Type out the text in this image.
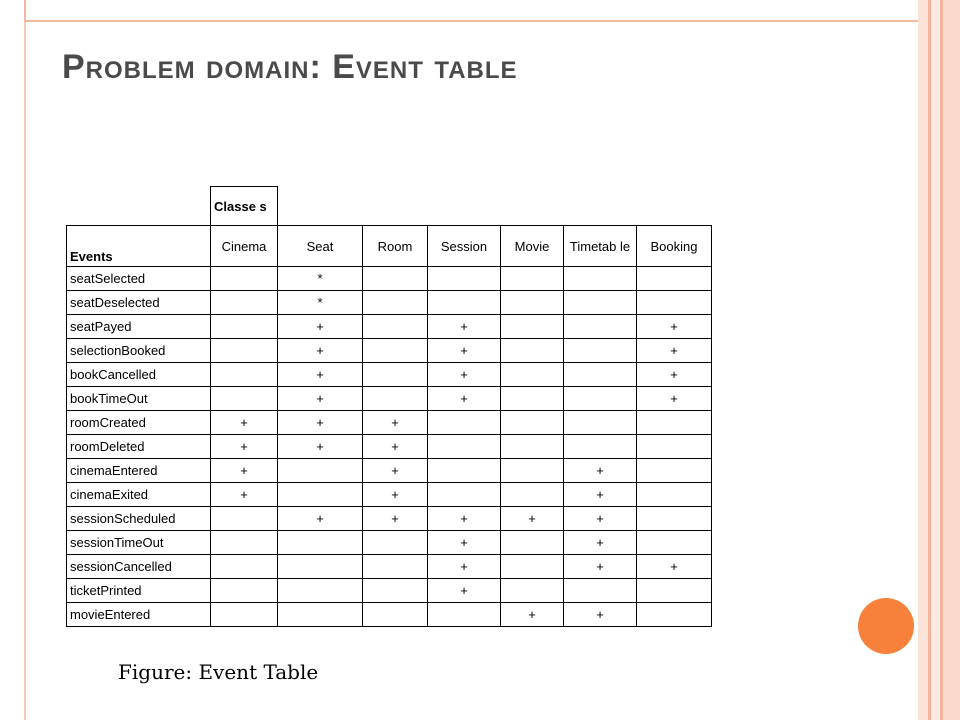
Problem domain: Event table
	Classe s						
Events	Cinema	Seat	Room	Session	Movie	Timetab le	Booking
seatSelected		*					
seatDeselected		*					
seatPayed		+		+			+
selectionBooked		+		+			+
bookCancelled		+		+			+
bookTimeOut		+		+			+
roomCreated	+	+	+				
roomDeleted	+	+	+				
cinemaEntered	+		+			+	
cinemaExited	+		+			+	
sessionScheduled		+	+	+	+	+	
sessionTimeOut				+		+	
sessionCancelled				+		+	+
ticketPrinted				+			
movieEntered					+	+	

Figure: Event Table
